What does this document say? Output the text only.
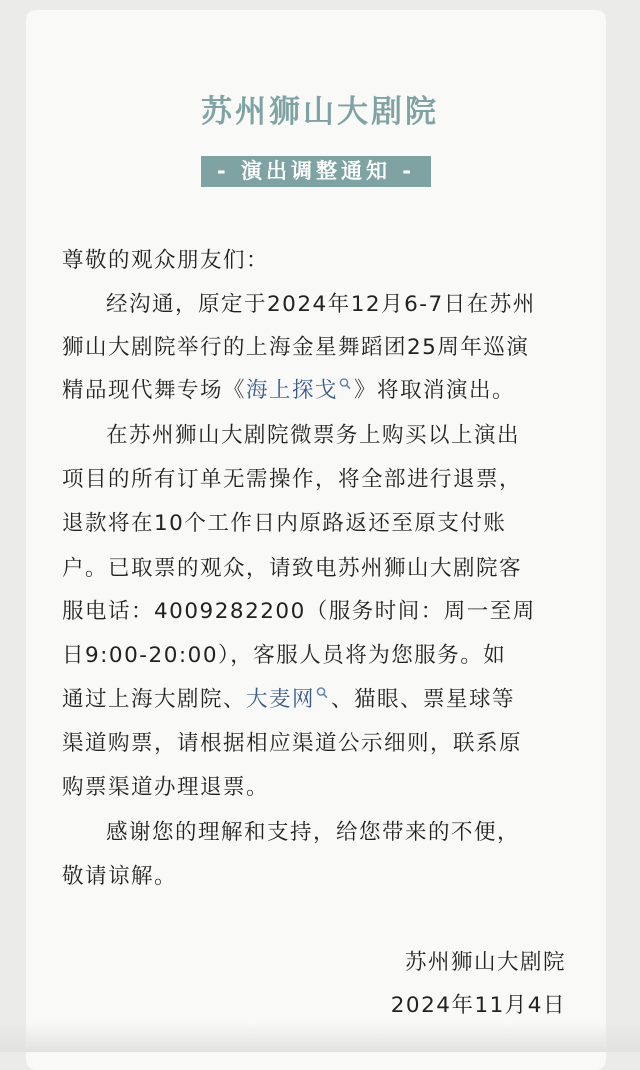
苏州狮山大剧院
- 演出调整通知 -
尊敬的观众朋友们：
经沟通，原定于2024年12月6-7日在苏州
狮山大剧院举行的上海金星舞蹈团25周年巡演
精品现代舞专场《海上探戈 》将取消演出。
在苏州狮山大剧院微票务上购买以上演出
项目的所有订单无需操作，将全部进行退票，
退款将在10个工作日内原路返还至原支付账
户。已取票的观众，请致电苏州狮山大剧院客
服电话：4009282200（服务时间：周一至周
日9:00-20:00），客服人员将为您服务。如
通过上海大剧院、大麦网 、猫眼、票星球等
渠道购票，请根据相应渠道公示细则，联系原
购票渠道办理退票。
感谢您的理解和支持，给您带来的不便，
敬请谅解。
苏州狮山大剧院
2024年11月4日
